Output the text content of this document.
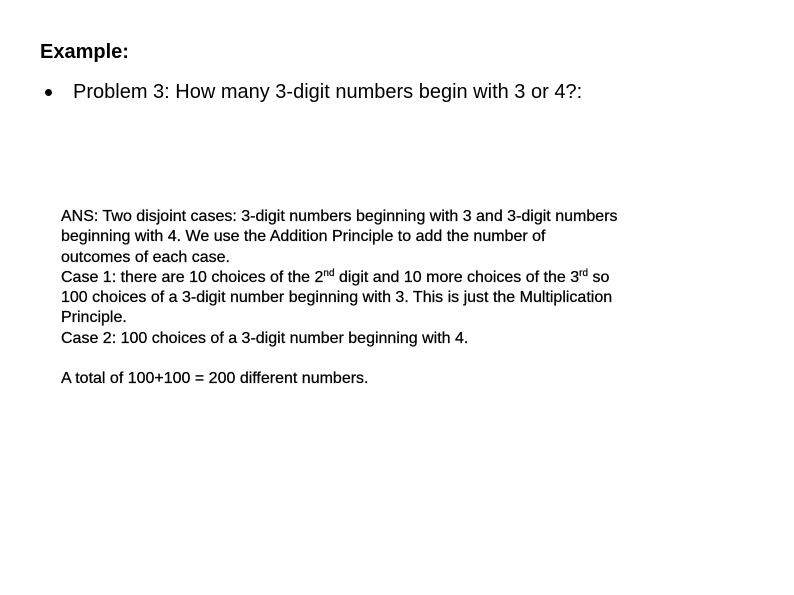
Example:
Problem 3: How many 3-digit numbers begin with 3 or 4?:
ANS: Two disjoint cases: 3-digit numbers beginning with 3 and 3-digit numbers
beginning with 4. We use the Addition Principle to add the number of
outcomes of each case.
Case 1: there are 10 choices of the 2nd digit and 10 more choices of the 3rd so
100 choices of a 3-digit number beginning with 3. This is just the Multiplication
Principle.
Case 2: 100 choices of a 3-digit number beginning with 4.
A total of 100+100 = 200 different numbers.
